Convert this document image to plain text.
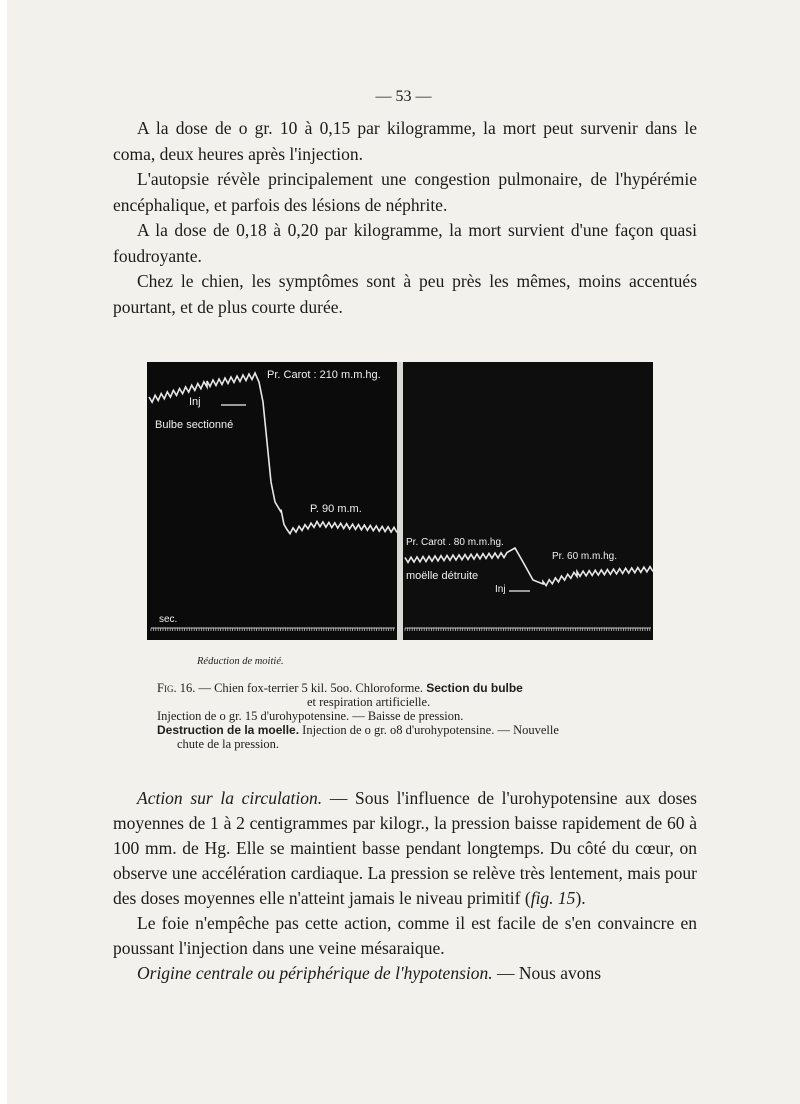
— 53 —

A la dose de o gr. 10 à 0,15 par kilogramme, la mort peut survenir dans le coma, deux heures après l'injection.

L'autopsie révèle principalement une congestion pulmonaire, de l'hypérémie encéphalique, et parfois des lésions de néphrite.

A la dose de 0,18 à 0,20 par kilogramme, la mort survient d'une façon quasi foudroyante.

Chez le chien, les symptômes sont à peu près les mêmes, moins accentués pourtant, et de plus courte durée.

Pr. Carot : 210 m.m.hg.
Inj
Bulbe sectionné
P. 90 m.m.
sec.
Pr. Carot . 80 m.m.hg.
moëlle détruite
Inj
Pr. 60 m.m.hg.
Réduction de moitié.
Fig. 16. — Chien fox-terrier 5 kil. 5oo. Chloroforme. Section du bulbe
et respiration artificielle.
Injection de o gr. 15 d'urohypotensine. — Baisse de pression.
Destruction de la moelle. Injection de o gr. o8 d'urohypotensine. — Nouvelle
chute de la pression.

Action sur la circulation. — Sous l'influence de l'urohypotensine aux doses moyennes de 1 à 2 centigrammes par kilogr., la pression baisse rapidement de 60 à 100 mm. de Hg. Elle se maintient basse pendant longtemps. Du côté du cœur, on observe une accélération cardiaque. La pression se relève très lentement, mais pour des doses moyennes elle n'atteint jamais le niveau primitif (fig. 15).

Le foie n'empêche pas cette action, comme il est facile de s'en convaincre en poussant l'injection dans une veine mésaraique.

Origine centrale ou périphérique de l'hypotension. — Nous avons
